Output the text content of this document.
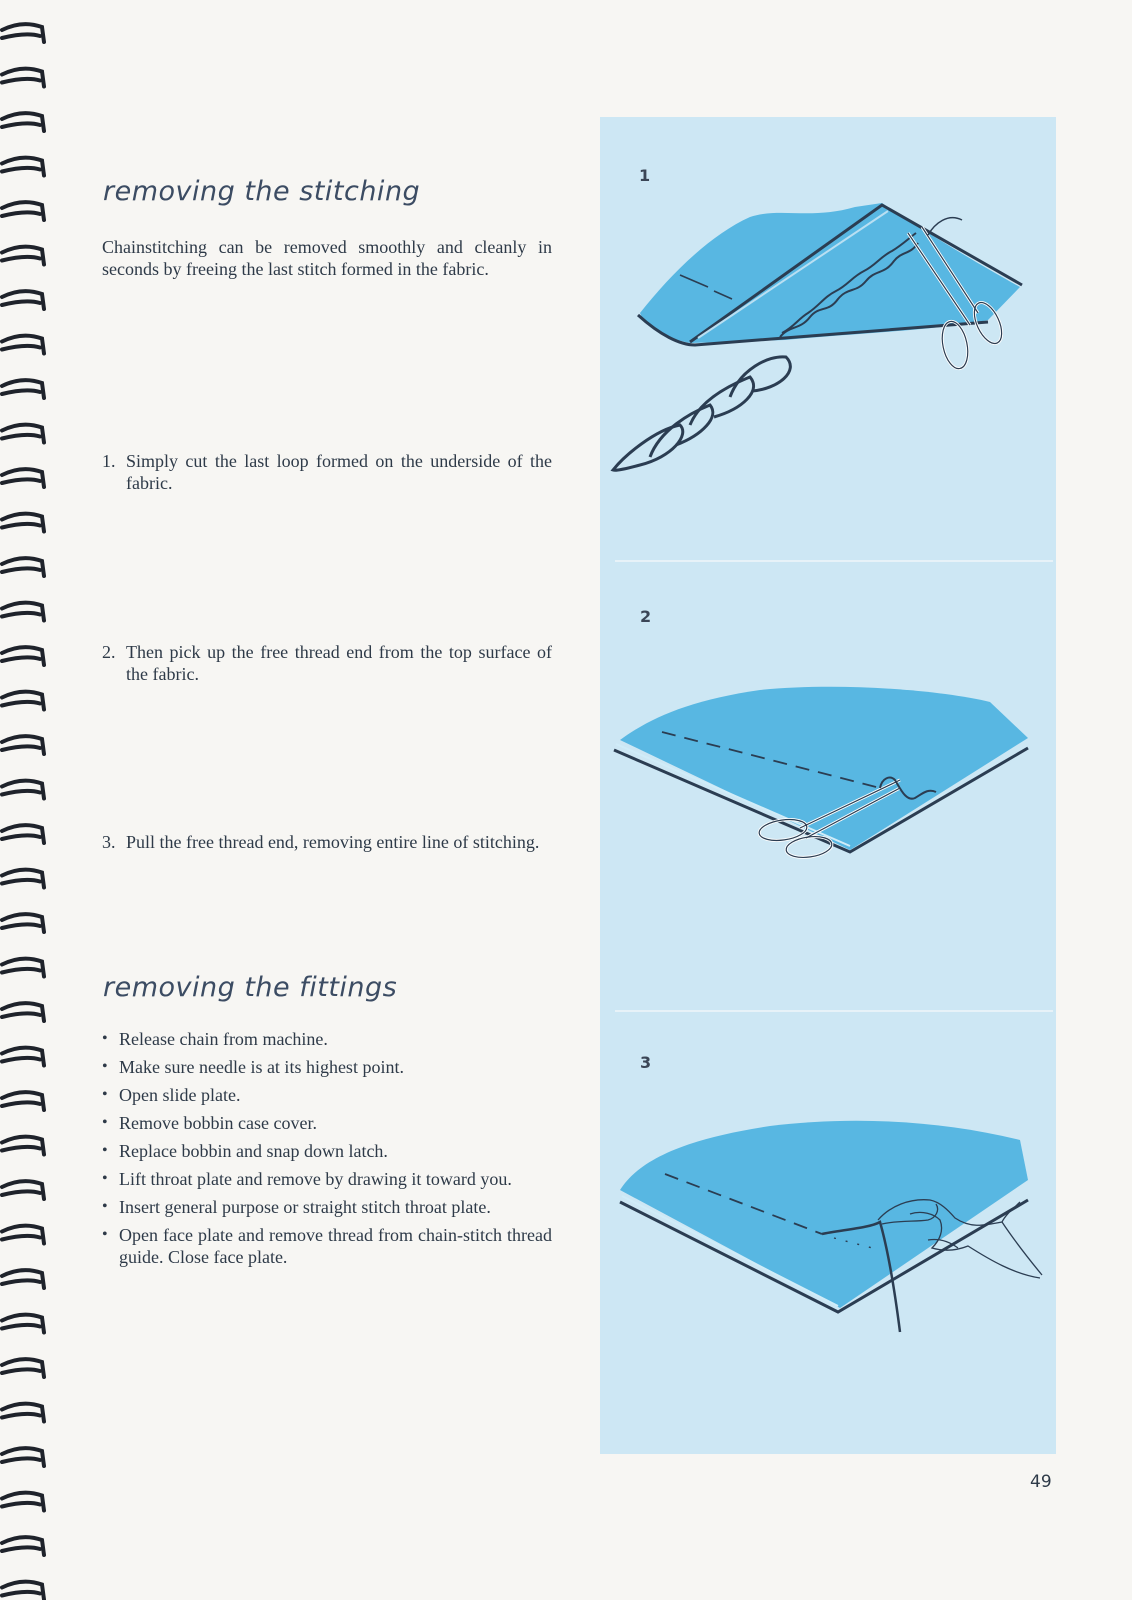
removing the stitching

Chainstitching can be removed smoothly and cleanly in seconds by freeing the last stitch formed in the fabric.

1. Simply cut the last loop formed on the underside of the fabric.
2. Then pick up the free thread end from the top surface of the fabric.
3. Pull the free thread end, removing entire line of stitching.
removing the fittings
• Release chain from machine.
• Make sure needle is at its highest point.
• Open slide plate.
• Remove bobbin case cover.
• Replace bobbin and snap down latch.
• Lift throat plate and remove by drawing it toward you.
• Insert general purpose or straight stitch throat plate.
• Open face plate and remove thread from chain-stitch thread guide. Close face plate.
1
2
3
49
